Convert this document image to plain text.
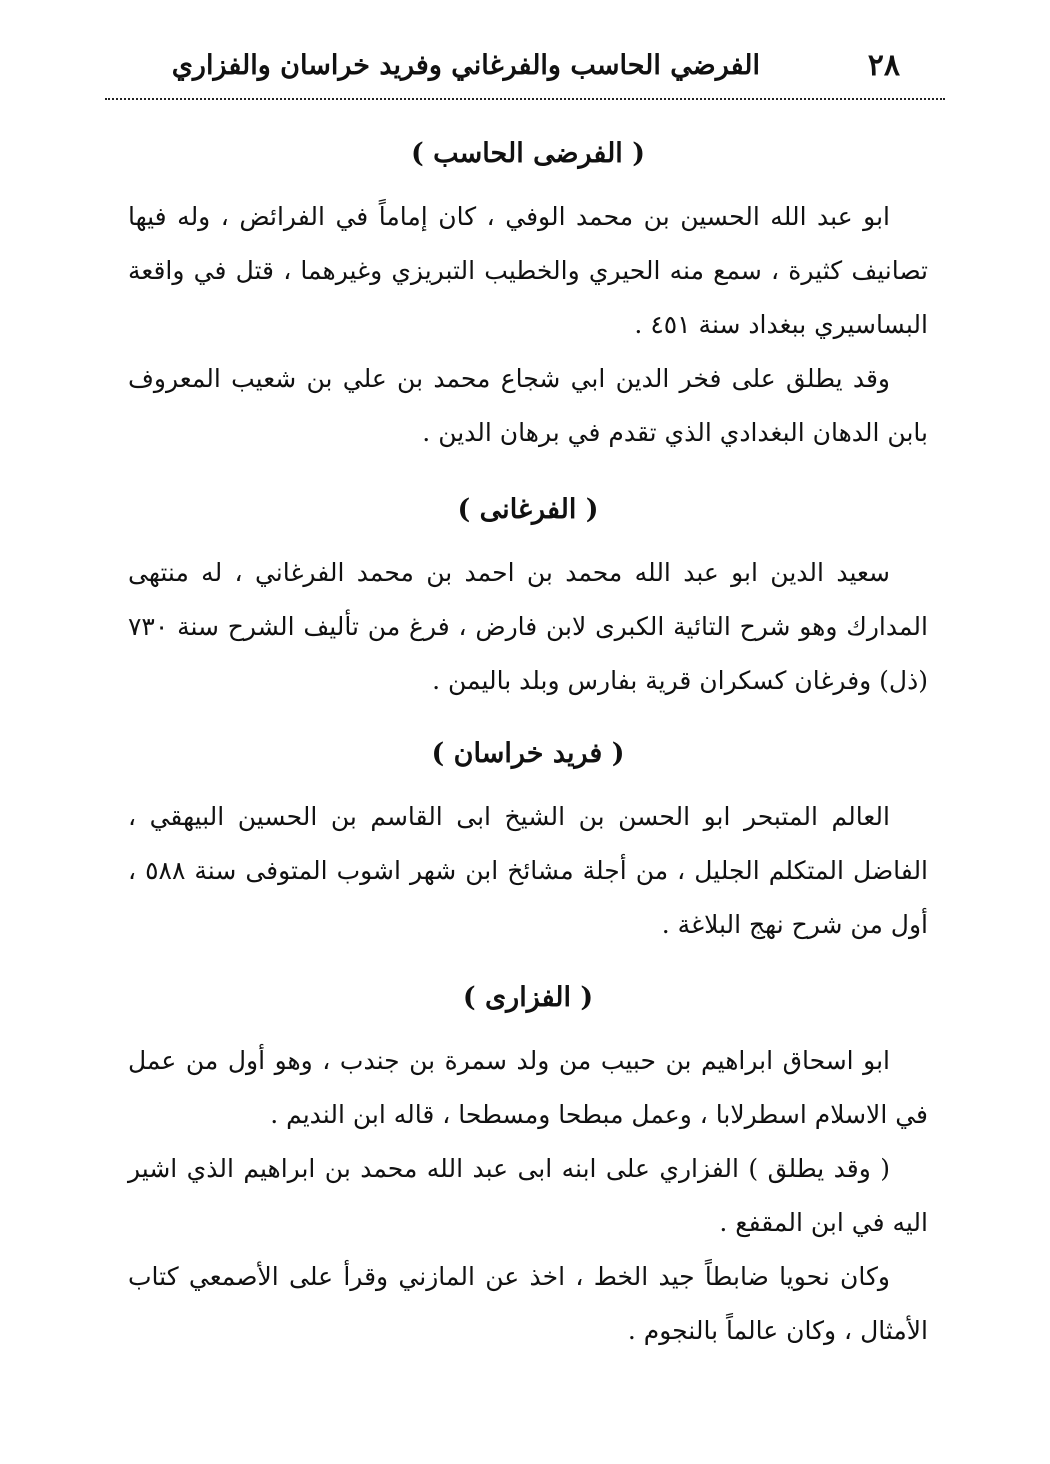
٢٨
الفرضي الحاسب والفرغاني وفريد خراسان والفزاري
( الفرضى الحاسب )

ابو عبد الله الحسين بن محمد الوفي ، كان إماماً في الفرائض ، وله فيها تصانيف كثيرة ، سمع منه الحيري والخطيب التبريزي وغيرهما ، قتل في واقعة البساسيري ببغداد سنة ٤٥١ .

وقد يطلق على فخر الدين ابي شجاع محمد بن علي بن شعيب المعروف بابن الدهان البغدادي الذي تقدم في برهان الدين .

( الفرغانى )

سعيد الدين ابو عبد الله محمد بن احمد بن محمد الفرغاني ، له منتهى المدارك وهو شرح التائية الكبرى لابن فارض ، فرغ من تأليف الشرح سنة ٧٣٠ (ذل) وفرغان كسكران قرية بفارس وبلد باليمن .

( فريد خراسان )

العالم المتبحر ابو الحسن بن الشيخ ابى القاسم بن الحسين البيهقي ، الفاضل المتكلم الجليل ، من أجلة مشائخ ابن شهر اشوب المتوفى سنة ٥٨٨ ، أول من شرح نهج البلاغة .

( الفزارى )

ابو اسحاق ابراهيم بن حبيب من ولد سمرة بن جندب ، وهو أول من عمل في الاسلام اسطرلابا ، وعمل مبطحا ومسطحا ، قاله ابن النديم .

( وقد يطلق ) الفزاري على ابنه ابى عبد الله محمد بن ابراهيم الذي اشير اليه في ابن المقفع .

وكان نحويا ضابطاً جيد الخط ، اخذ عن المازني وقرأ على الأصمعي كتاب الأمثال ، وكان عالماً بالنجوم .
